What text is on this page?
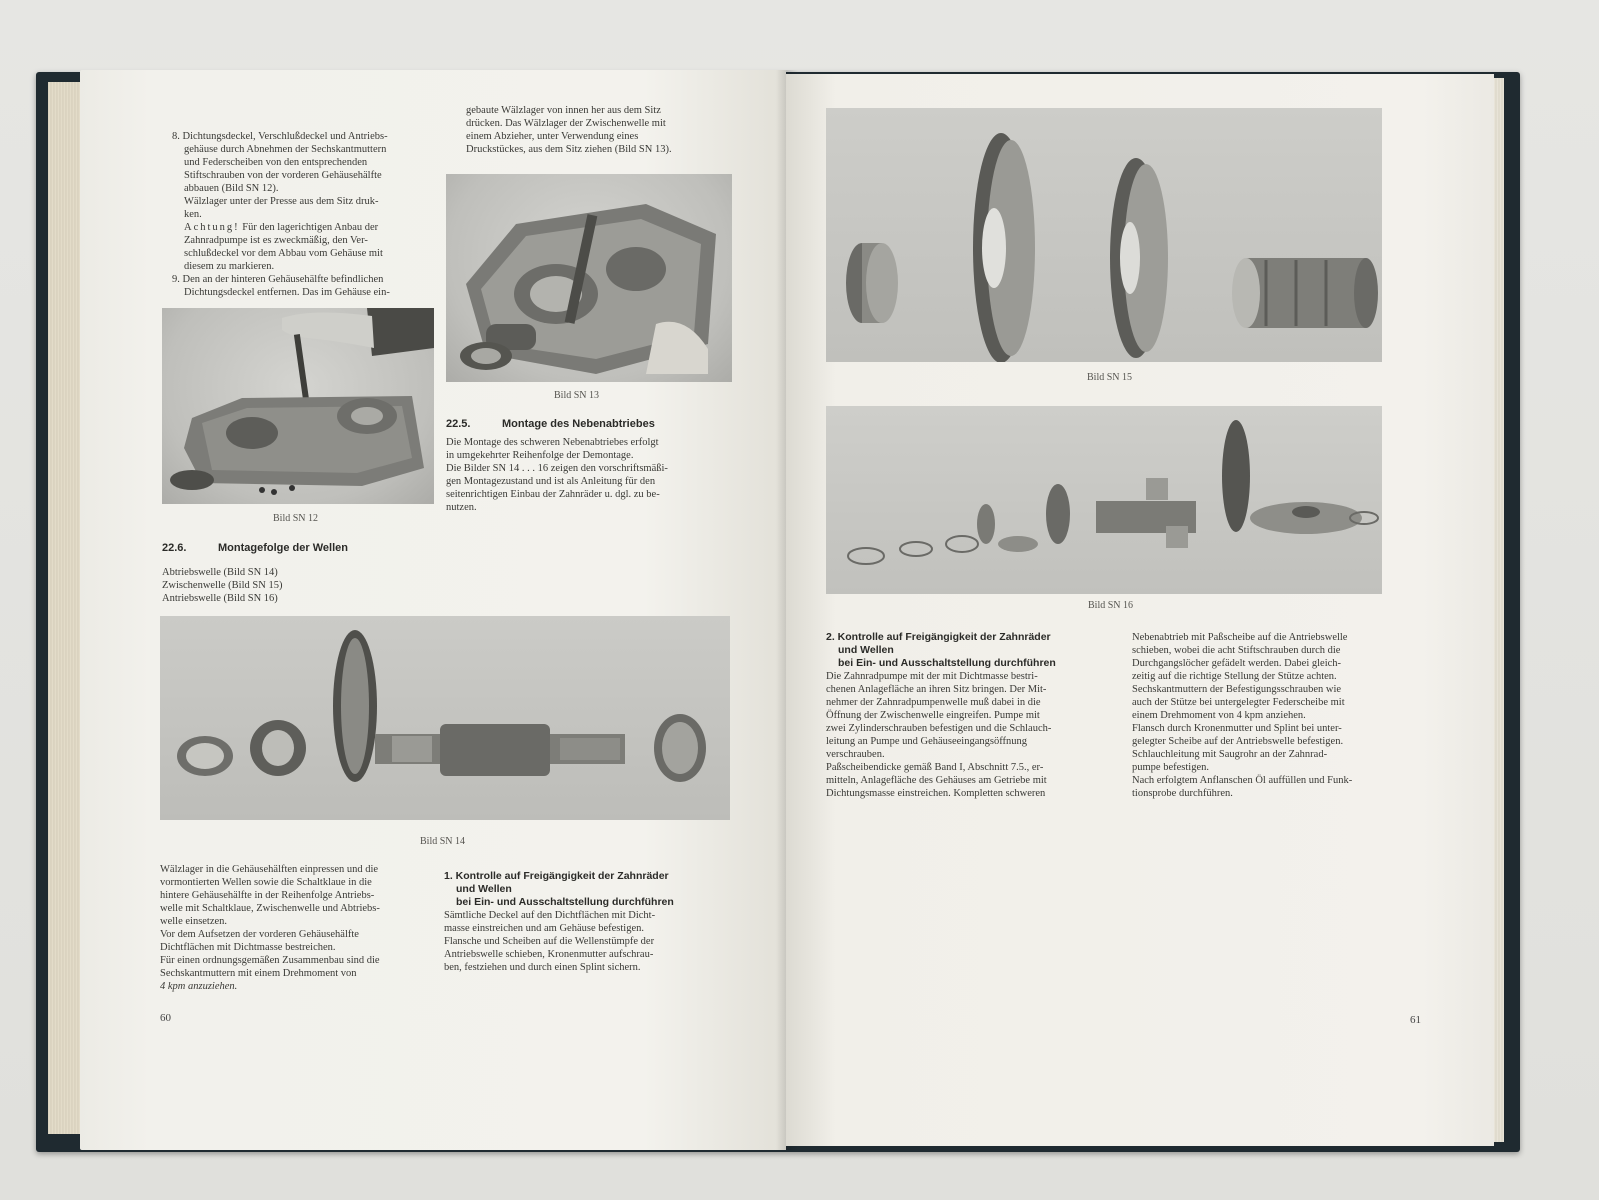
8. Dichtungsdeckel, Verschlußdeckel und Antriebs-

gehäuse durch Abnehmen der Sechskantmuttern

und Federscheiben von den entsprechenden

Stiftschrauben von der vorderen Gehäusehälfte

abbauen (Bild SN 12).

Wälzlager unter der Presse aus dem Sitz druk-

ken.

Achtung! Für den lagerichtigen Anbau der

Zahnradpumpe ist es zweckmäßig, den Ver-

schlußdeckel vor dem Abbau vom Gehäuse mit

diesem zu markieren.

9. Den an der hinteren Gehäusehälfte befindlichen

Dichtungsdeckel entfernen. Das im Gehäuse ein-

gebaute Wälzlager von innen her aus dem Sitz

drücken. Das Wälzlager der Zwischenwelle mit

einem Abzieher, unter Verwendung eines

Druckstückes, aus dem Sitz ziehen (Bild SN 13).

Bild SN 13
Bild SN 12
22.5.	Montage des Nebenabtriebes

Die Montage des schweren Nebenabtriebes erfolgt

in umgekehrter Reihenfolge der Demontage.

Die Bilder SN 14 . . . 16 zeigen den vorschriftsmäßi-

gen Montagezustand und ist als Anleitung für den

seitenrichtigen Einbau der Zahnräder u. dgl. zu be-

nutzen.

22.6.	Montagefolge der Wellen

Abtriebswelle (Bild SN 14)

Zwischenwelle (Bild SN 15)

Antriebswelle (Bild SN 16)

Bild SN 14

Wälzlager in die Gehäusehälften einpressen und die

vormontierten Wellen sowie die Schaltklaue in die

hintere Gehäusehälfte in der Reihenfolge Antriebs-

welle mit Schaltklaue, Zwischenwelle und Abtriebs-

welle einsetzen.

Vor dem Aufsetzen der vorderen Gehäusehälfte

Dichtflächen mit Dichtmasse bestreichen.

Für einen ordnungsgemäßen Zusammenbau sind die

Sechskantmuttern mit einem Drehmoment von

4 kpm anzuziehen.

1. Kontrolle auf Freigängigkeit der Zahnräder

und Wellen

bei Ein- und Ausschaltstellung durchführen

Sämtliche Deckel auf den Dichtflächen mit Dicht-

masse einstreichen und am Gehäuse befestigen.

Flansche und Scheiben auf die Wellenstümpfe der

Antriebswelle schieben, Kronenmutter aufschrau-

ben, festziehen und durch einen Splint sichern.

60
Bild SN 15
Bild SN 16

2. Kontrolle auf Freigängigkeit der Zahnräder

und Wellen

bei Ein- und Ausschaltstellung durchführen

Die Zahnradpumpe mit der mit Dichtmasse bestri-

chenen Anlagefläche an ihren Sitz bringen. Der Mit-

nehmer der Zahnradpumpenwelle muß dabei in die

Öffnung der Zwischenwelle eingreifen. Pumpe mit

zwei Zylinderschrauben befestigen und die Schlauch-

leitung an Pumpe und Gehäuseeingangsöffnung

verschrauben.

Paßscheibendicke gemäß Band I, Abschnitt 7.5., er-

mitteln, Anlagefläche des Gehäuses am Getriebe mit

Dichtungsmasse einstreichen. Kompletten schweren

Nebenabtrieb mit Paßscheibe auf die Antriebswelle

schieben, wobei die acht Stiftschrauben durch die

Durchgangslöcher gefädelt werden. Dabei gleich-

zeitig auf die richtige Stellung der Stütze achten.

Sechskantmuttern der Befestigungsschrauben wie

auch der Stütze bei untergelegter Federscheibe mit

einem Drehmoment von 4 kpm anziehen.

Flansch durch Kronenmutter und Splint bei unter-

gelegter Scheibe auf der Antriebswelle befestigen.

Schlauchleitung mit Saugrohr an der Zahnrad-

pumpe befestigen.

Nach erfolgtem Anflanschen Öl auffüllen und Funk-

tionsprobe durchführen.

61
